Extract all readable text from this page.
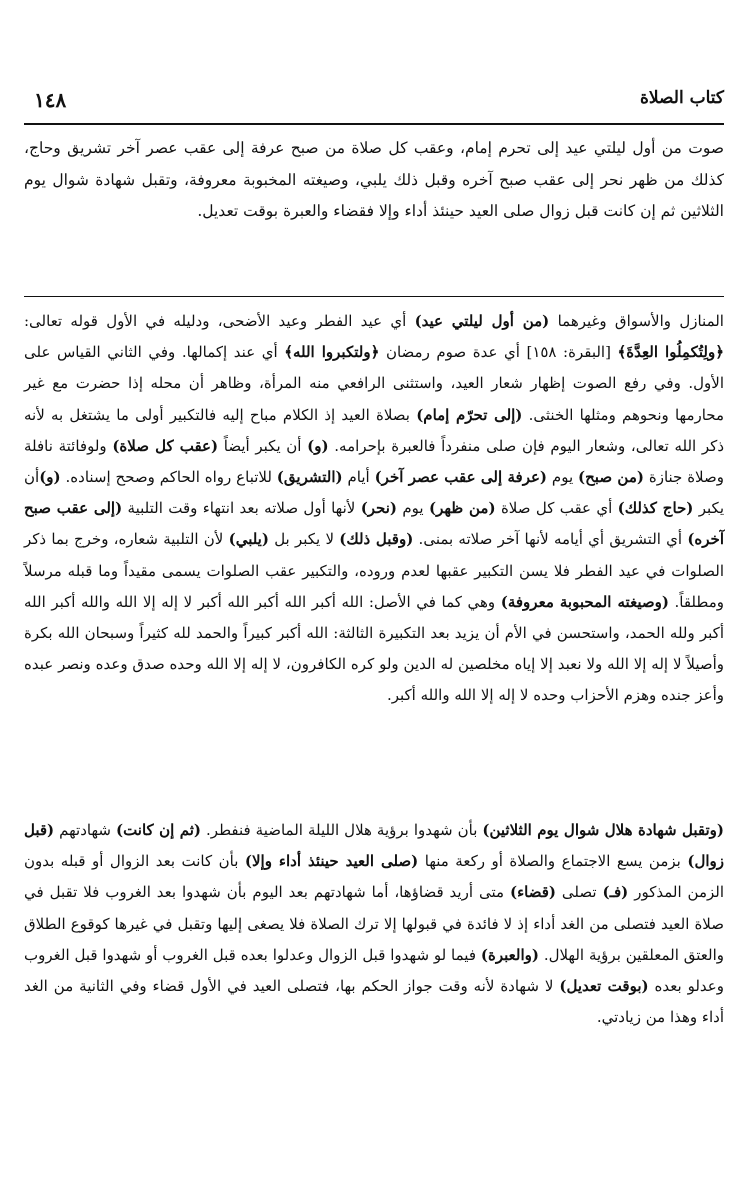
١٤٨	كتاب الصلاة
صوت من أول ليلتي عيد إلى تحرم إمام، وعقب كل صلاة من صبح عرفة إلى عقب عصر آخر تشريق وحاج، كذلك من ظهر نحر إلى عقب صبح آخره وقبل ذلك يلبي، وصيغته المخبوبة معروفة، وتقبل شهادة شوال يوم الثلاثين ثم إن كانت قبل زوال صلى العيد حينئذ أداء وإلا فقضاء والعبرة بوقت تعديل.
المنازل والأسواق وغيرهما (من أول ليلتي عيد) أي عيد الفطر وعيد الأضحى، ودليله في الأول قوله تعالى: ﴿ولِتُكمِلُوا العِدَّةَ﴾ [البقرة: ١٥٨] أي عدة صوم رمضان ﴿ولتكبروا الله﴾ أي عند إكمالها. وفي الثاني القياس على الأول. وفي رفع الصوت إظهار شعار العيد، واستثنى الرافعي منه المرأة، وظاهر أن محله إذا حضرت مع غير محارمها ونحوهم ومثلها الخنثى. (إلى تحرّم إمام) بصلاة العيد إذ الكلام مباح إليه فالتكبير أولى ما يشتغل به لأنه ذكر الله تعالى، وشعار اليوم فإن صلى منفرداً فالعبرة بإحرامه. (و) أن يكبر أيضاً (عقب كل صلاة) ولوفائتة نافلة وصلاة جنازة (من صبح) يوم (عرفة إلى عقب عصر آخر) أيام (التشريق) للاتباع رواه الحاكم وصحح إسناده. (و)أن يكبر (حاج كذلك) أي عقب كل صلاة (من ظهر) يوم (نحر) لأنها أول صلاته بعد انتهاء وقت التلبية (إلى عقب صبح آخره) أي التشريق أي أيامه لأنها آخر صلاته بمنى. (وقبل ذلك) لا يكبر بل (يلبي) لأن التلبية شعاره، وخرج بما ذكر الصلوات في عيد الفطر فلا يسن التكبير عقبها لعدم وروده، والتكبير عقب الصلوات يسمى مقيداً وما قبله مرسلاً ومطلقاً. (وصيغته المحبوبة معروفة) وهي كما في الأصل: الله أكبر الله أكبر الله أكبر لا إله إلا الله والله أكبر الله أكبر ولله الحمد، واستحسن في الأم أن يزيد بعد التكبيرة الثالثة: الله أكبر كبيراً والحمد لله كثيراً وسبحان الله بكرة وأصيلاً لا إله إلا الله ولا نعبد إلا إياه مخلصين له الدين ولو كره الكافرون، لا إله إلا الله وحده صدق وعده ونصر عبده وأعز جنده وهزم الأحزاب وحده لا إله إلا الله والله أكبر.
(وتقبل شهادة هلال شوال يوم الثلاثين) بأن شهدوا برؤية هلال الليلة الماضية فنفطر. (ثم إن كانت) شهادتهم (قبل زوال) بزمن يسع الاجتماع والصلاة أو ركعة منها (صلى العيد حينئذ أداء وإلا) بأن كانت بعد الزوال أو قبله بدون الزمن المذكور (فـ) تصلى (قضاء) متى أريد قضاؤها، أما شهادتهم بعد اليوم بأن شهدوا بعد الغروب فلا تقبل في صلاة العيد فتصلى من الغد أداء إذ لا فائدة في قبولها إلا ترك الصلاة فلا يصغى إليها وتقبل في غيرها كوقوع الطلاق والعتق المعلقين برؤية الهلال. (والعبرة) فيما لو شهدوا قبل الزوال وعدلوا بعده قبل الغروب أو شهدوا قبل الغروب وعدلو بعده (بوقت تعديل) لا شهادة لأنه وقت جواز الحكم بها، فتصلى العيد في الأول قضاء وفي الثانية من الغد أداء وهذا من زيادتي.
